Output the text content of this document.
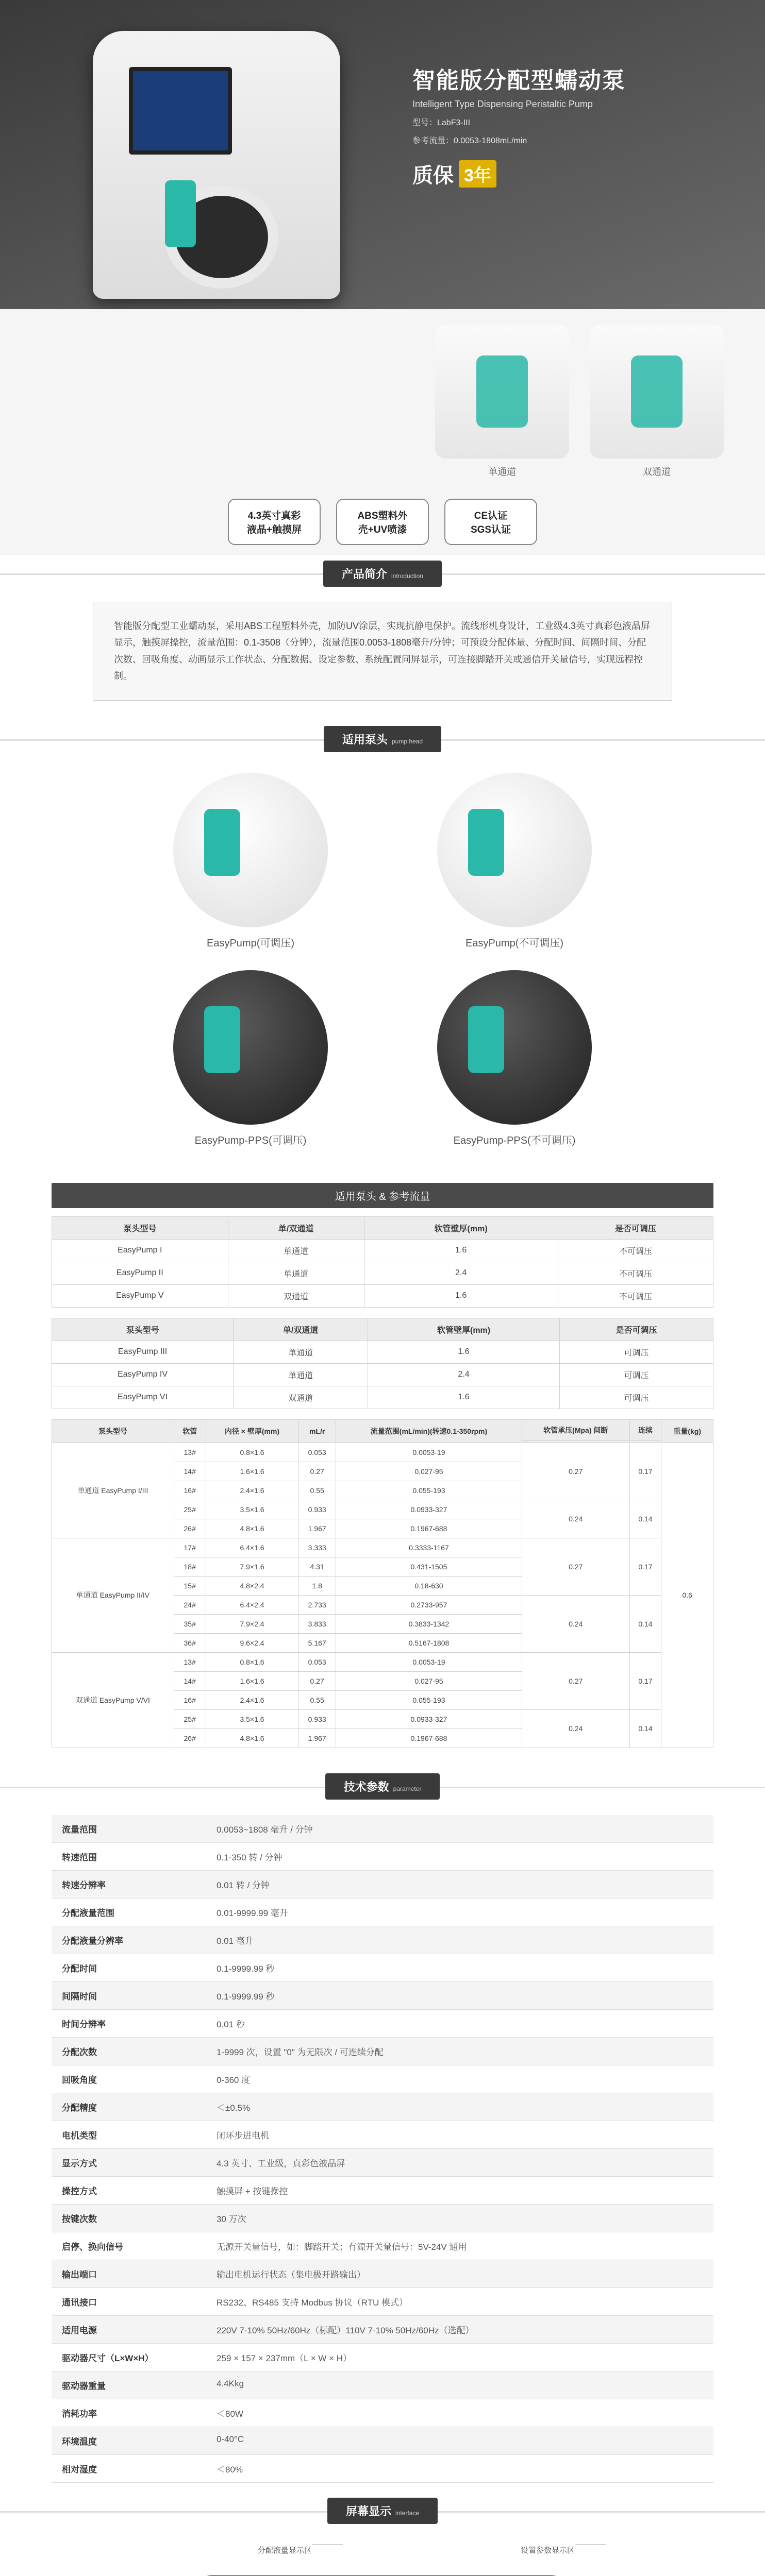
智能版分配型蠕动泵
Intelligent Type Dispensing Peristaltic Pump
型号：LabF3-III
参考流量：0.0053-1808mL/min
质保 3年
单通道	双通道
4.3英寸真彩
液晶+触摸屏
ABS塑料外
壳+UV喷漆
CE认证
SGS认证
产品简介 introduction
智能版分配型工业蠕动泵，采用ABS工程塑料外壳，加防UV涂层，实现抗静电保护。流线形机身设计，工业级4.3英寸真彩色液晶屏显示，触摸屏操控，流量范围：0.1-3508（分钟），流量范围0.0053-1808毫升/分钟；可预设分配体量、分配时间、间隔时间、分配次数、回吸角度、动画显示工作状态、分配数据、设定参数、系统配置同屏显示，可连接脚踏开关或通信开关量信号，实现远程控制。
适用泵头 pump head
EasyPump(可调压)	EasyPump(不可调压)
EasyPump-PPS(可调压)	EasyPump-PPS(不可调压)
适用泵头 & 参考流量
泵头型号	单/双通道	软管壁厚(mm)	是否可调压
EasyPump I	单通道	1.6	不可调压
EasyPump II	单通道	2.4	不可调压
EasyPump V	双通道	1.6	不可调压
泵头型号	单/双通道	软管壁厚(mm)	是否可调压
EasyPump III	单通道	1.6	可调压
EasyPump IV	单通道	2.4	可调压
EasyPump VI	双通道	1.6	可调压
泵头型号	软管	内径 × 壁厚(mm)	mL/r	流量范围(mL/min)(转速0.1-350rpm)	软管承压(Mpa) 间断	连续	重量(kg)

单通道 EasyPump I/III	13#	0.8×1.6	0.053	0.0053-19	0.27	0.17	0.6
	14#	1.6×1.6	0.27	0.027-95			
	16#	2.4×1.6	0.55	0.055-193			
	25#	3.5×1.6	0.933	0.0933-327	0.24	0.14	
	26#	4.8×1.6	1.967	0.1967-688			
单通道 EasyPump II/IV	17#	6.4×1.6	3.333	0.3333-1167	0.27	0.17	
	18#	7.9×1.6	4.31	0.431-1505			
	15#	4.8×2.4	1.8	0.18-630			
	24#	6.4×2.4	2.733	0.2733-957	0.24	0.14	
	35#	7.9×2.4	3.833	0.3833-1342			
	36#	9.6×2.4	5.167	0.5167-1808			
双通道 EasyPump V/VI	13#	0.8×1.6	0.053	0.0053-19	0.27	0.17	
	14#	1.6×1.6	0.27	0.027-95			
	16#	2.4×1.6	0.55	0.055-193			
	25#	3.5×1.6	0.933	0.0933-327	0.24	0.14	
	26#	4.8×1.6	1.967	0.1967-688			
技术参数 parameter
流量范围	0.0053~1808 毫升 / 分钟
转速范围	0.1-350 转 / 分钟
转速分辨率	0.01 转 / 分钟
分配液量范围	0.01-9999.99 毫升
分配液量分辨率	0.01 毫升
分配时间	0.1-9999.99 秒
间隔时间	0.1-9999.99 秒
时间分辨率	0.01 秒
分配次数	1-9999 次，设置 "0" 为无限次 / 可连续分配
回吸角度	0-360 度
分配精度	＜±0.5%
电机类型	闭环步进电机
显示方式	4.3 英寸、工业级，真彩色液晶屏
操控方式	触摸屏 + 按键操控
按键次数	30 万次
启停、换向信号	无源开关量信号，如：脚踏开关；有源开关量信号：5V-24V 通用
输出端口	输出电机运行状态（集电极开路输出）
通讯接口	RS232、RS485 支持 Modbus 协议（RTU 模式）
适用电源	220V 7-10% 50Hz/60Hz（标配）110V 7-10% 50Hz/60Hz（选配）
驱动器尺寸（L×W×H）	259 × 157 × 237mm（L × W × H）
驱动器重量	4.4Kkg
消耗功率	＜80W
环境温度	0-40°C
相对湿度	＜80%
屏幕显示 interface
分配液量显示区	设置参数显示区
